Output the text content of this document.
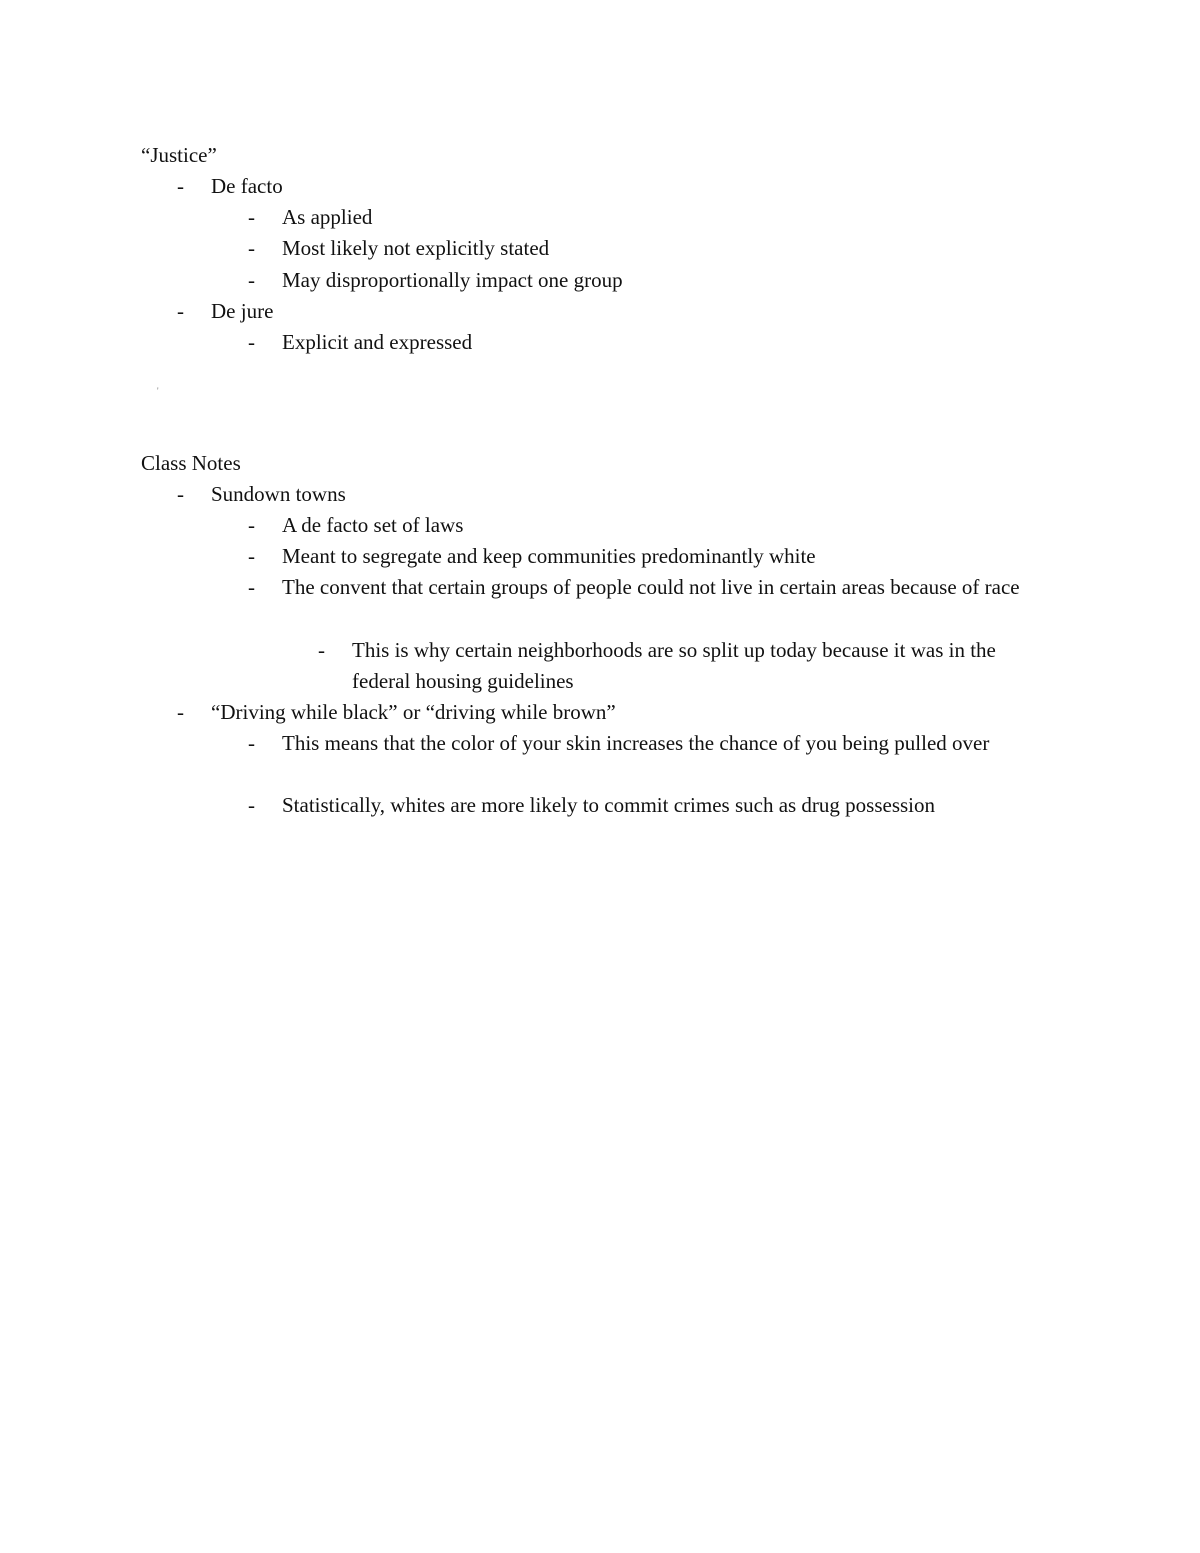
“Justice”
-	De facto
-	As applied
-	Most likely not explicitly stated
-	May disproportionally impact one group
-	De jure
-	Explicit and expressed
'
Class Notes
-	Sundown towns
-	A de facto set of laws
-	Meant to segregate and keep communities predominantly white
-	The convent that certain groups of people could not live in certain areas because of race
-	This is why certain neighborhoods are so split up today because it was in the federal housing guidelines
-	“Driving while black” or “driving while brown”
-	This means that the color of your skin increases the chance of you being pulled over
-	Statistically, whites are more likely to commit crimes such as drug possession
